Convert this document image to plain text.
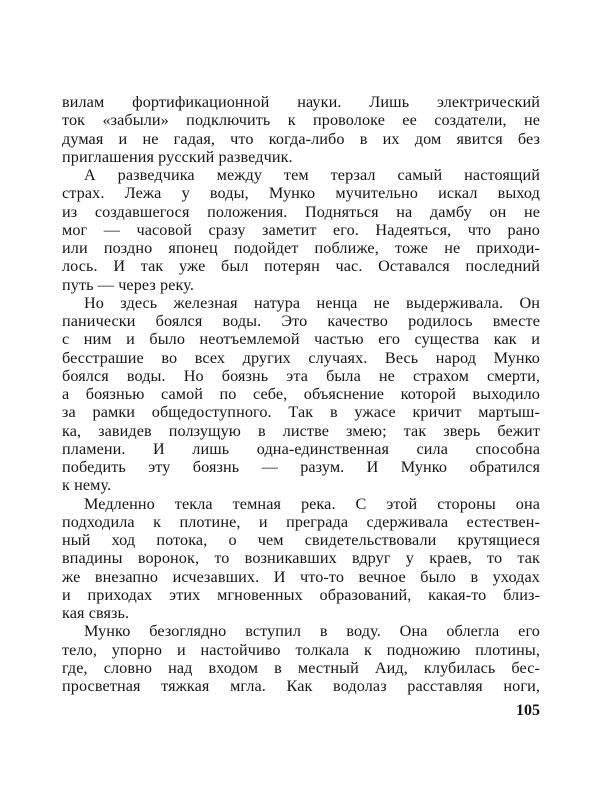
вилам фортификационной науки. Лишь электрический
ток «забыли» подключить к проволоке ее создатели, не
думая и не гадая, что когда-либо в их дом явится без
приглашения русский разведчик.
А разведчика между тем терзал самый настоящий
страх. Лежа у воды, Мунко мучительно искал выход
из создавшегося положения. Подняться на дамбу он не
мог — часовой сразу заметит его. Надеяться, что рано
или поздно японец подойдет поближе, тоже не приходи-
лось. И так уже был потерян час. Оставался последний
путь — через реку.
Но здесь железная натура ненца не выдерживала. Он
панически боялся воды. Это качество родилось вместе
с ним и было неотъемлемой частью его существа как и
бесстрашие во всех других случаях. Весь народ Мунко
боялся воды. Но боязнь эта была не страхом смерти,
а боязнью самой по себе, объяснение которой выходило
за рамки общедоступного. Так в ужасе кричит мартыш-
ка, завидев ползущую в листве змею; так зверь бежит
пламени. И лишь одна-единственная сила способна
победить эту боязнь — разум. И Мунко обратился
к нему.
Медленно текла темная река. С этой стороны она
подходила к плотине, и преграда сдерживала естествен-
ный ход потока, о чем свидетельствовали крутящиеся
впадины воронок, то возникавших вдруг у краев, то так
же внезапно исчезавших. И что-то вечное было в уходах
и приходах этих мгновенных образований, какая-то близ-
кая связь.
Мунко безоглядно вступил в воду. Она облегла его
тело, упорно и настойчиво толкала к подножию плотины,
где, словно над входом в местный Аид, клубилась бес-
просветная тяжкая мгла. Как водолаз расставляя ноги,
105
